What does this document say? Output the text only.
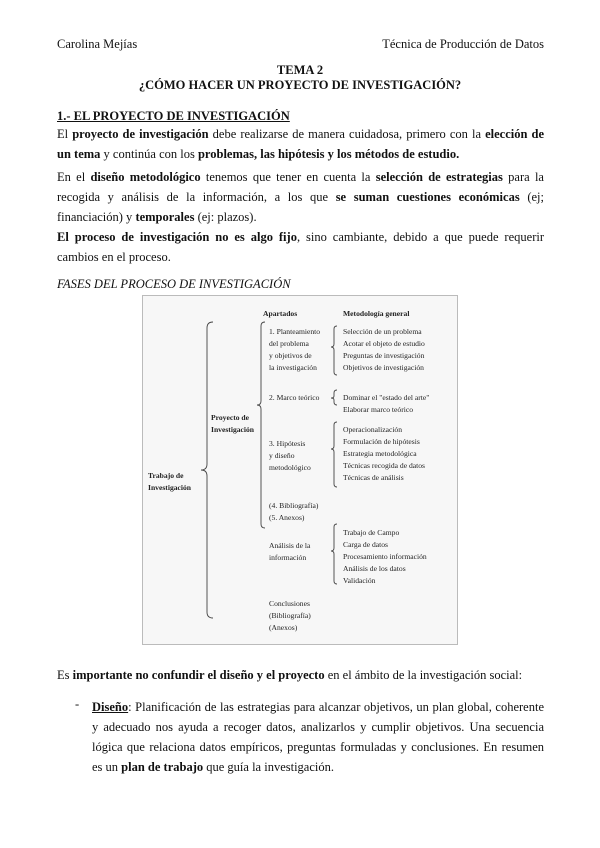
Carolina Mejías	Técnica de Producción de Datos
TEMA 2
¿CÓMO HACER UN PROYECTO DE INVESTIGACIÓN?
1.- EL PROYECTO DE INVESTIGACIÓN
El proyecto de investigación debe realizarse de manera cuidadosa, primero con la elección de un tema y continúa con los problemas, las hipótesis y los métodos de estudio.
En el diseño metodológico tenemos que tener en cuenta la selección de estrategias para la recogida y análisis de la información, a los que se suman cuestiones económicas (ej; financiación) y temporales (ej: plazos).
El proceso de investigación no es algo fijo, sino cambiante, debido a que puede requerir cambios en el proceso.
FASES DEL PROCESO DE INVESTIGACIÓN
Apartados	Metodología general
Trabajo de
Investigación
Proyecto de
Investigación
1. Planteamiento
del problema
y objetivos de
la investigación
Selección de un problema
Acotar el objeto de estudio
Preguntas de investigación
Objetivos de investigación
2. Marco teórico	Dominar el "estado del arte"
Elaborar marco teórico
3. Hipótesis
y diseño
metodológico
Operacionalización
Formulación de hipótesis
Estrategia metodológica
Técnicas recogida de datos
Técnicas de análisis
(4. Bibliografía)
(5. Anexos)
Análisis de la
información
Trabajo de Campo
Carga de datos
Procesamiento información
Análisis de los datos
Validación
Conclusiones
(Bibliografía)
(Anexos)
Es importante no confundir el diseño y el proyecto en el ámbito de la investigación social:
- Diseño: Planificación de las estrategias para alcanzar objetivos, un plan global, coherente y adecuado nos ayuda a recoger datos, analizarlos y cumplir objetivos. Una secuencia lógica que relaciona datos empíricos, preguntas formuladas y conclusiones. En resumen es un plan de trabajo que guía la investigación.
